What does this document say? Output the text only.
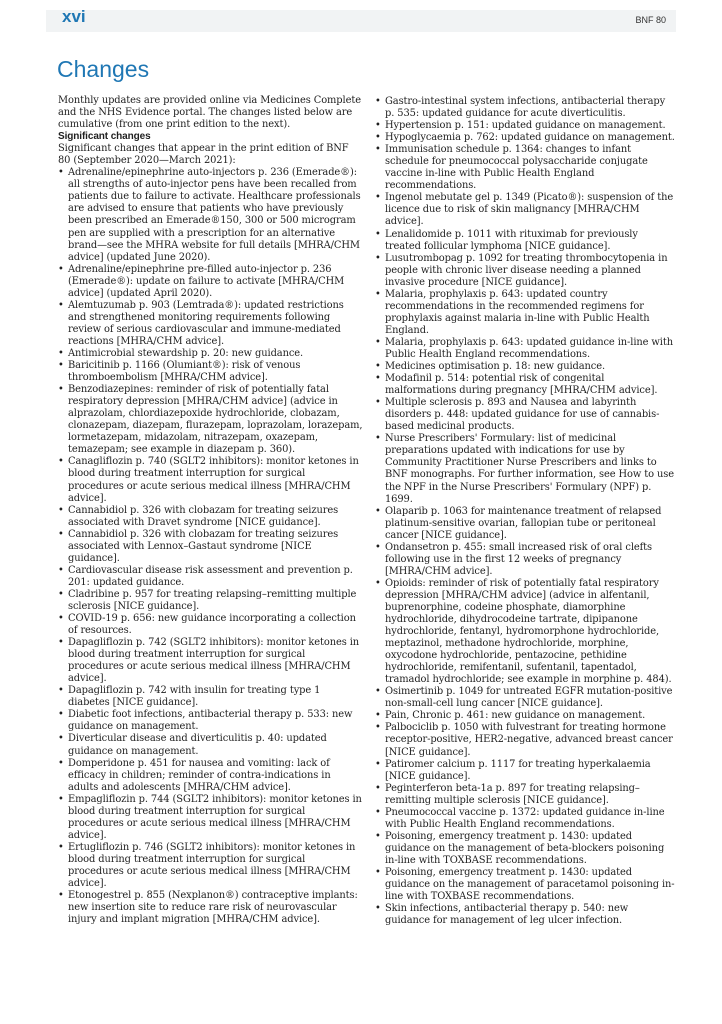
xvi	BNF 80
Changes

Monthly updates are provided online via Medicines Complete and the NHS Evidence portal. The changes listed below are cumulative (from one print edition to the next).

Significant changes

Significant changes that appear in the print edition of BNF 80 (September 2020—March 2021):

• Adrenaline/epinephrine auto-injectors p. 236 (Emerade®): all strengths of auto-injector pens have been recalled from patients due to failure to activate. Healthcare professionals are advised to ensure that patients who have previously been prescribed an Emerade®150, 300 or 500 microgram pen are supplied with a prescription for an alternative brand—see the MHRA website for full details [MHRA/CHM advice] (updated June 2020).
• Adrenaline/epinephrine pre-filled auto-injector p. 236 (Emerade®): update on failure to activate [MHRA/CHM advice] (updated April 2020).
• Alemtuzumab p. 903 (Lemtrada®): updated restrictions and strengthened monitoring requirements following review of serious cardiovascular and immune-mediated reactions [MHRA/CHM advice].
• Antimicrobial stewardship p. 20: new guidance.
• Baricitinib p. 1166 (Olumiant®): risk of venous thromboembolism [MHRA/CHM advice].
• Benzodiazepines: reminder of risk of potentially fatal respiratory depression [MHRA/CHM advice] (advice in alprazolam, chlordiazepoxide hydrochloride, clobazam, clonazepam, diazepam, flurazepam, loprazolam, lorazepam, lormetazepam, midazolam, nitrazepam, oxazepam, temazepam; see example in diazepam p. 360).
• Canagliflozin p. 740 (SGLT2 inhibitors): monitor ketones in blood during treatment interruption for surgical procedures or acute serious medical illness [MHRA/CHM advice].
• Cannabidiol p. 326 with clobazam for treating seizures associated with Dravet syndrome [NICE guidance].
• Cannabidiol p. 326 with clobazam for treating seizures associated with Lennox–Gastaut syndrome [NICE guidance].
• Cardiovascular disease risk assessment and prevention p. 201: updated guidance.
• Cladribine p. 957 for treating relapsing–remitting multiple sclerosis [NICE guidance].
• COVID-19 p. 656: new guidance incorporating a collection of resources.
• Dapagliflozin p. 742 (SGLT2 inhibitors): monitor ketones in blood during treatment interruption for surgical procedures or acute serious medical illness [MHRA/CHM advice].
• Dapagliflozin p. 742 with insulin for treating type 1 diabetes [NICE guidance].
• Diabetic foot infections, antibacterial therapy p. 533: new guidance on management.
• Diverticular disease and diverticulitis p. 40: updated guidance on management.
• Domperidone p. 451 for nausea and vomiting: lack of efficacy in children; reminder of contra-indications in adults and adolescents [MHRA/CHM advice].
• Empagliflozin p. 744 (SGLT2 inhibitors): monitor ketones in blood during treatment interruption for surgical procedures or acute serious medical illness [MHRA/CHM advice].
• Ertugliflozin p. 746 (SGLT2 inhibitors): monitor ketones in blood during treatment interruption for surgical procedures or acute serious medical illness [MHRA/CHM advice].
• Etonogestrel p. 855 (Nexplanon®) contraceptive implants: new insertion site to reduce rare risk of neurovascular injury and implant migration [MHRA/CHM advice].
• Gastro-intestinal system infections, antibacterial therapy p. 535: updated guidance for acute diverticulitis.
• Hypertension p. 151: updated guidance on management.
• Hypoglycaemia p. 762: updated guidance on management.
• Immunisation schedule p. 1364: changes to infant schedule for pneumococcal polysaccharide conjugate vaccine in-line with Public Health England recommendations.
• Ingenol mebutate gel p. 1349 (Picato®): suspension of the licence due to risk of skin malignancy [MHRA/CHM advice].
• Lenalidomide p. 1011 with rituximab for previously treated follicular lymphoma [NICE guidance].
• Lusutrombopag p. 1092 for treating thrombocytopenia in people with chronic liver disease needing a planned invasive procedure [NICE guidance].
• Malaria, prophylaxis p. 643: updated country recommendations in the recommended regimens for prophylaxis against malaria in-line with Public Health England.
• Malaria, prophylaxis p. 643: updated guidance in-line with Public Health England recommendations.
• Medicines optimisation p. 18: new guidance.
• Modafinil p. 514: potential risk of congenital malformations during pregnancy [MHRA/CHM advice].
• Multiple sclerosis p. 893 and Nausea and labyrinth disorders p. 448: updated guidance for use of cannabis-based medicinal products.
• Nurse Prescribers' Formulary: list of medicinal preparations updated with indications for use by Community Practitioner Nurse Prescribers and links to BNF monographs. For further information, see How to use the NPF in the Nurse Prescribers' Formulary (NPF) p. 1699.
• Olaparib p. 1063 for maintenance treatment of relapsed platinum-sensitive ovarian, fallopian tube or peritoneal cancer [NICE guidance].
• Ondansetron p. 455: small increased risk of oral clefts following use in the first 12 weeks of pregnancy [MHRA/CHM advice].
• Opioids: reminder of risk of potentially fatal respiratory depression [MHRA/CHM advice] (advice in alfentanil, buprenorphine, codeine phosphate, diamorphine hydrochloride, dihydrocodeine tartrate, dipipanone hydrochloride, fentanyl, hydromorphone hydrochloride, meptazinol, methadone hydrochloride, morphine, oxycodone hydrochloride, pentazocine, pethidine hydrochloride, remifentanil, sufentanil, tapentadol, tramadol hydrochloride; see example in morphine p. 484).
• Osimertinib p. 1049 for untreated EGFR mutation-positive non-small-cell lung cancer [NICE guidance].
• Pain, Chronic p. 461: new guidance on management.
• Palbociclib p. 1050 with fulvestrant for treating hormone receptor-positive, HER2-negative, advanced breast cancer [NICE guidance].
• Patiromer calcium p. 1117 for treating hyperkalaemia [NICE guidance].
• Peginterferon beta-1a p. 897 for treating relapsing–remitting multiple sclerosis [NICE guidance].
• Pneumococcal vaccine p. 1372: updated guidance in-line with Public Health England recommendations.
• Poisoning, emergency treatment p. 1430: updated guidance on the management of beta-blockers poisoning in-line with TOXBASE recommendations.
• Poisoning, emergency treatment p. 1430: updated guidance on the management of paracetamol poisoning in-line with TOXBASE recommendations.
• Skin infections, antibacterial therapy p. 540: new guidance for management of leg ulcer infection.
